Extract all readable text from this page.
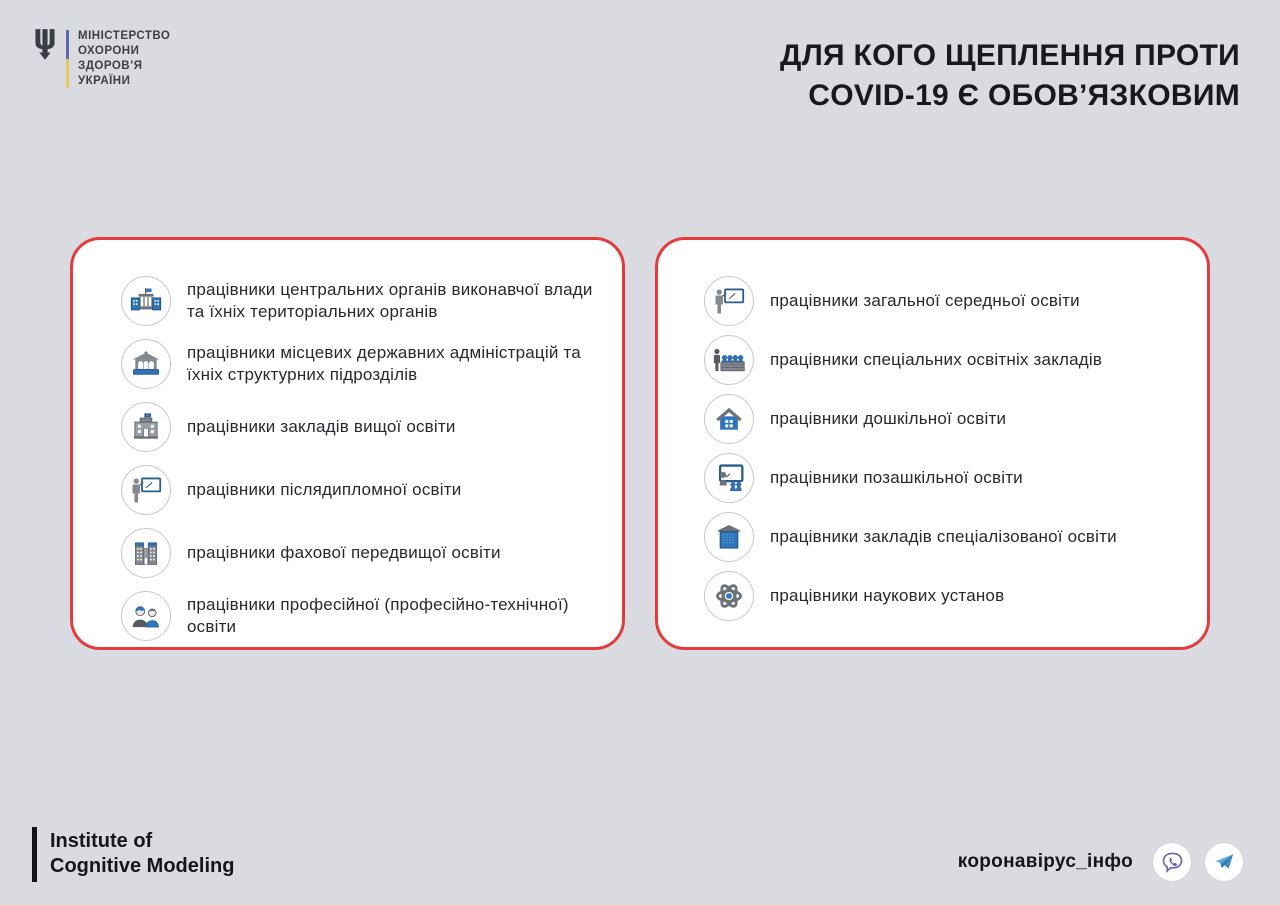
МІНІСТЕРСТВО
ОХОРОНИ
ЗДОРОВ’Я
УКРАЇНИ
ДЛЯ КОГО ЩЕПЛЕННЯ ПРОТИ
COVID-19 Є ОБОВ’ЯЗКОВИМ
працівники центральних органів виконавчої влади та їхніх територіальних органів
працівники місцевих державних адміністрацій та їхніх структурних підрозділів
працівники закладів вищої освіти
працівники післядипломної освіти
працівники фахової передвищої освіти
працівники професійної (професійно-технічної) освіти
працівники загальної середньої освіти
працівники спеціальних освітніх закладів
працівники дошкільної освіти
працівники позашкільної освіти
працівники закладів спеціалізованої освіти
працівники наукових установ
Institute of
Cognitive Modeling	коронавірус_інфо
